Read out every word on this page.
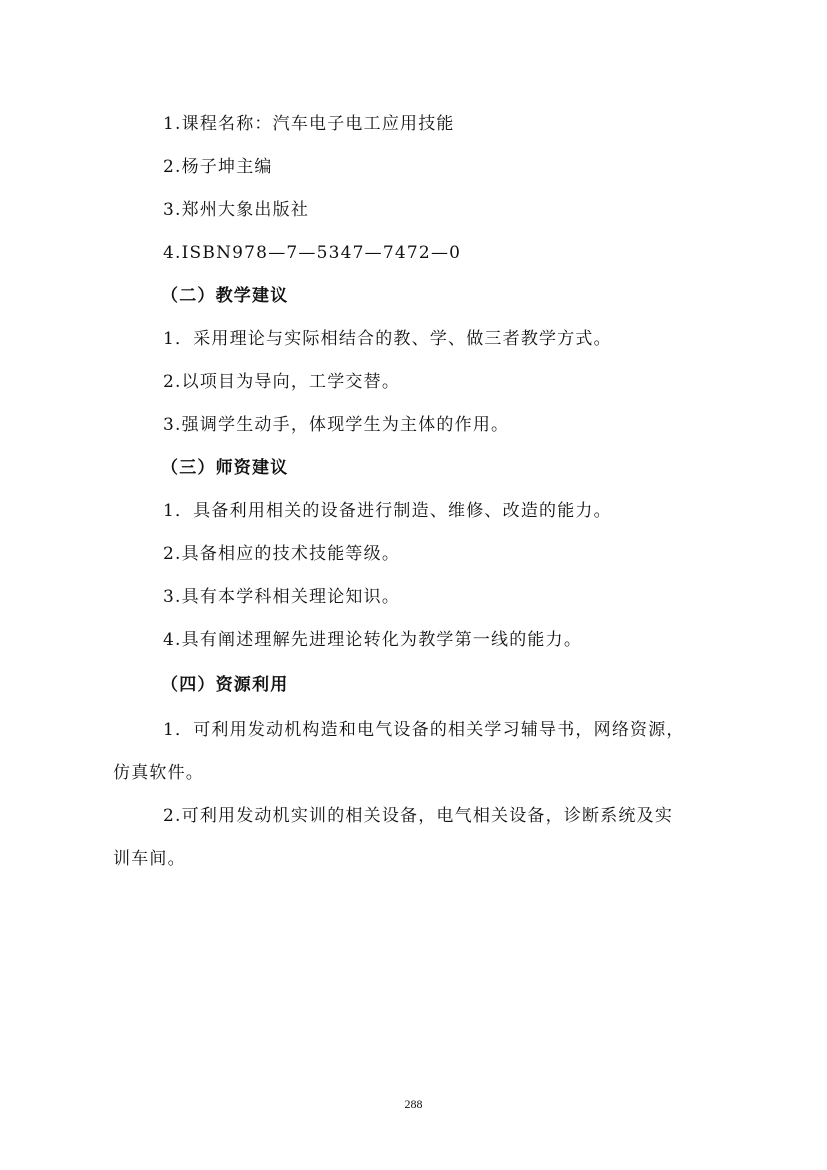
1.课程名称：汽车电子电工应用技能
2.杨子坤主编
3.郑州大象出版社
4.ISBN978—7—5347—7472—0
（二）教学建议
1．采用理论与实际相结合的教、学、做三者教学方式。
2.以项目为导向，工学交替。
3.强调学生动手，体现学生为主体的作用。
（三）师资建议
1．具备利用相关的设备进行制造、维修、改造的能力。
2.具备相应的技术技能等级。
3.具有本学科相关理论知识。
4.具有阐述理解先进理论转化为教学第一线的能力。
（四）资源利用
1．可利用发动机构造和电气设备的相关学习辅导书，网络资源，
仿真软件。
2.可利用发动机实训的相关设备，电气相关设备，诊断系统及实
训车间。
288
